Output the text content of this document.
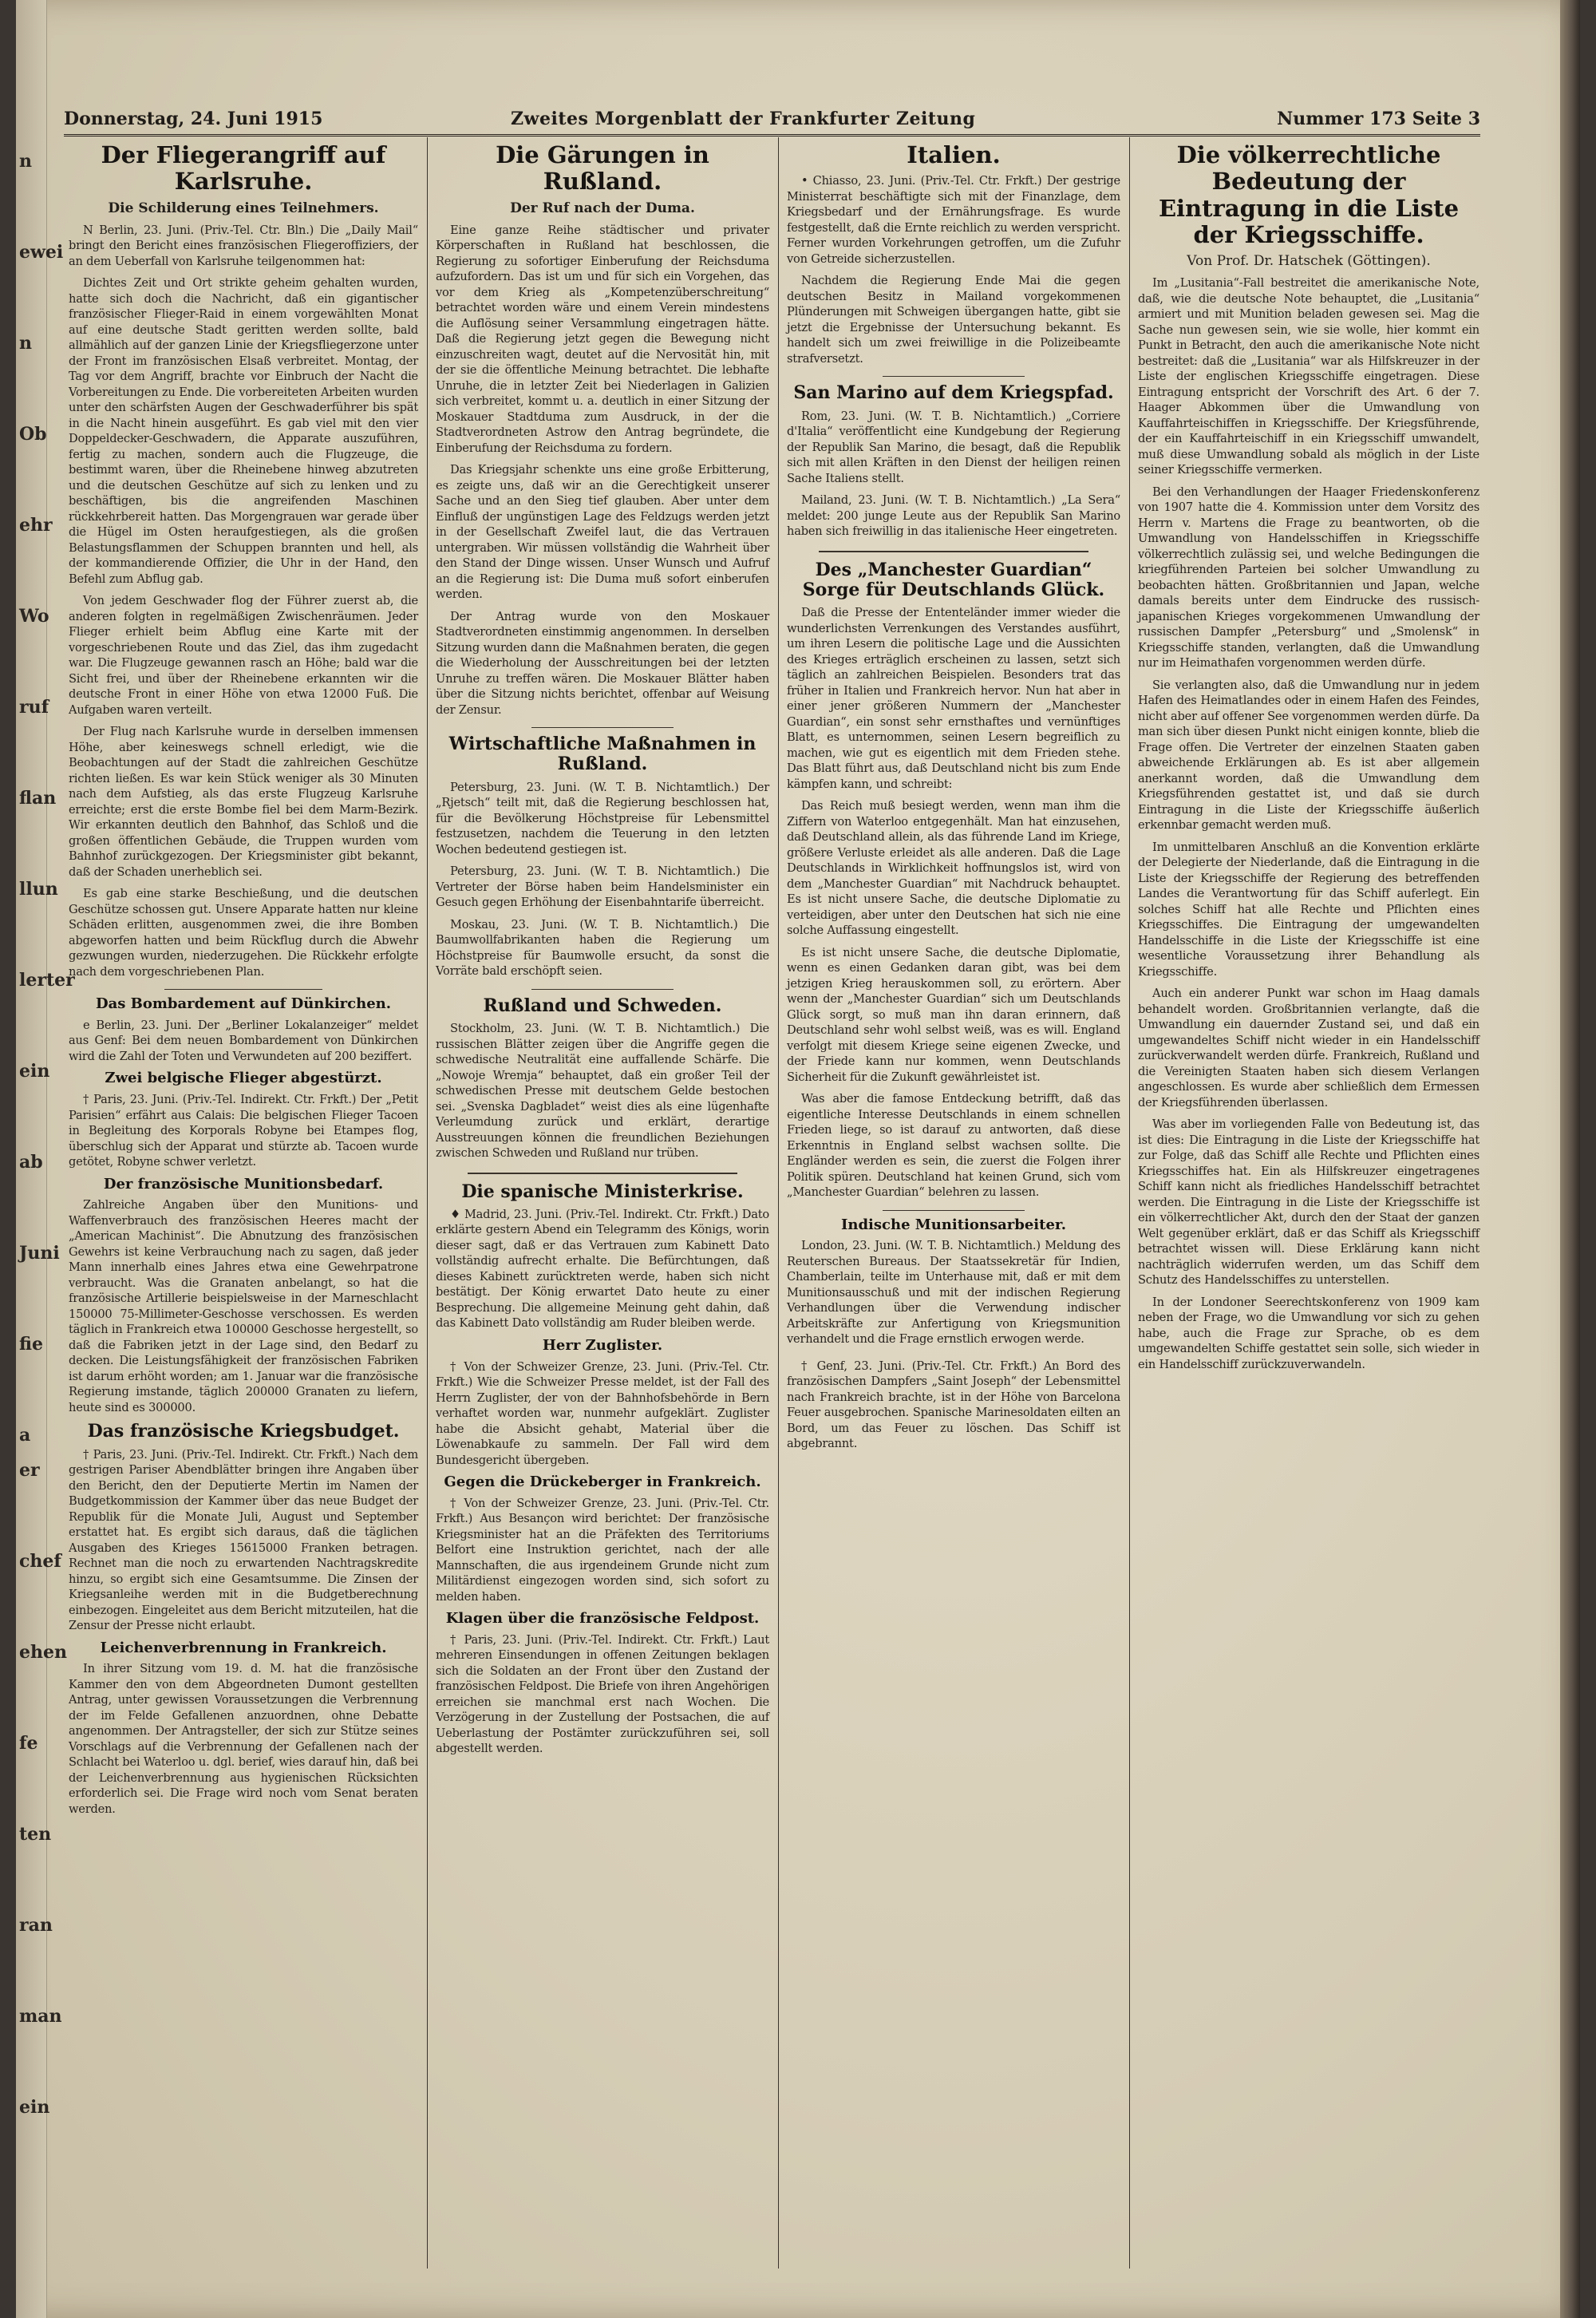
n
ewei
n
Ob
ehr
Wo
ruf
flan
llun
lerter
ein
ab
Juni
fie
a er
chef
ehen
fe
ten
ran
man
ein
Donnerstag, 24. Juni 1915	Zweites Morgenblatt der Frankfurter Zeitung	Nummer 173 Seite 3
Der Fliegerangriff auf Karlsruhe.
Die Schilderung eines Teilnehmers.

N Berlin, 23. Juni. (Priv.-Tel. Ctr. Bln.) Die „Daily Mail“ bringt den Bericht eines französischen Fliegeroffiziers, der an dem Ueberfall von Karlsruhe teilgenommen hat:

Dichtes Zeit und Ort strikte geheim gehalten wurden, hatte sich doch die Nachricht, daß ein gigantischer französischer Flieger-Raid in einem vorgewählten Monat auf eine deutsche Stadt geritten werden sollte, bald allmählich auf der ganzen Linie der Kriegsfliegerzone unter der Front im französischen Elsaß verbreitet. Montag, der Tag vor dem Angriff, brachte vor Einbruch der Nacht die Vorbereitungen zu Ende. Die vorbereiteten Arbeiten wurden unter den schärfsten Augen der Geschwaderführer bis spät in die Nacht hinein ausgeführt. Es gab viel mit den vier Doppeldecker-Geschwadern, die Apparate auszuführen, fertig zu machen, sondern auch die Flugzeuge, die bestimmt waren, über die Rheinebene hinweg abzutreten und die deutschen Geschütze auf sich zu lenken und zu beschäftigen, bis die angreifenden Maschinen rückkehrbereit hatten. Das Morgengrauen war gerade über die Hügel im Osten heraufgestiegen, als die großen Belastungsflammen der Schuppen brannten und hell, als der kommandierende Offizier, die Uhr in der Hand, den Befehl zum Abflug gab.

Von jedem Geschwader flog der Führer zuerst ab, die anderen folgten in regelmäßigen Zwischenräumen. Jeder Flieger erhielt beim Abflug eine Karte mit der vorgeschriebenen Route und das Ziel, das ihm zugedacht war. Die Flugzeuge gewannen rasch an Höhe; bald war die Sicht frei, und über der Rheinebene erkannten wir die deutsche Front in einer Höhe von etwa 12000 Fuß. Die Aufgaben waren verteilt.

Der Flug nach Karlsruhe wurde in derselben immensen Höhe, aber keineswegs schnell erledigt, wie die Beobachtungen auf der Stadt die zahlreichen Geschütze richten ließen. Es war kein Stück weniger als 30 Minuten nach dem Aufstieg, als das erste Flugzeug Karlsruhe erreichte; erst die erste Bombe fiel bei dem Marm-Bezirk. Wir erkannten deutlich den Bahnhof, das Schloß und die großen öffentlichen Gebäude, die Truppen wurden vom Bahnhof zurückgezogen. Der Kriegsminister gibt bekannt, daß der Schaden unerheblich sei.

Es gab eine starke Beschießung, und die deutschen Geschütze schossen gut. Unsere Apparate hatten nur kleine Schäden erlitten, ausgenommen zwei, die ihre Bomben abgeworfen hatten und beim Rückflug durch die Abwehr gezwungen wurden, niederzugehen. Die Rückkehr erfolgte nach dem vorgeschriebenen Plan.

Das Bombardement auf Dünkirchen.

e Berlin, 23. Juni. Der „Berliner Lokalanzeiger“ meldet aus Genf: Bei dem neuen Bombardement von Dünkirchen wird die Zahl der Toten und Verwundeten auf 200 beziffert.

Zwei belgische Flieger abgestürzt.

† Paris, 23. Juni. (Priv.-Tel. Indirekt. Ctr. Frkft.) Der „Petit Parisien“ erfährt aus Calais: Die belgischen Flieger Tacoen in Begleitung des Korporals Robyne bei Etampes flog, überschlug sich der Apparat und stürzte ab. Tacoen wurde getötet, Robyne schwer verletzt.

Der französische Munitionsbedarf.

Zahlreiche Angaben über den Munitions- und Waffenverbrauch des französischen Heeres macht der „American Machinist“. Die Abnutzung des französischen Gewehrs ist keine Verbrauchung nach zu sagen, daß jeder Mann innerhalb eines Jahres etwa eine Gewehrpatrone verbraucht. Was die Granaten anbelangt, so hat die französische Artillerie beispielsweise in der Marneschlacht 150000 75-Millimeter-Geschosse verschossen. Es werden täglich in Frankreich etwa 100000 Geschosse hergestellt, so daß die Fabriken jetzt in der Lage sind, den Bedarf zu decken. Die Leistungsfähigkeit der französischen Fabriken ist darum erhöht worden; am 1. Januar war die französische Regierung imstande, täglich 200000 Granaten zu liefern, heute sind es 300000.

Das französische Kriegsbudget.

† Paris, 23. Juni. (Priv.-Tel. Indirekt. Ctr. Frkft.) Nach dem gestrigen Pariser Abendblätter bringen ihre Angaben über den Bericht, den der Deputierte Mertin im Namen der Budgetkommission der Kammer über das neue Budget der Republik für die Monate Juli, August und September erstattet hat. Es ergibt sich daraus, daß die täglichen Ausgaben des Krieges 15615000 Franken betragen. Rechnet man die noch zu erwartenden Nachtragskredite hinzu, so ergibt sich eine Gesamtsumme. Die Zinsen der Kriegsanleihe werden mit in die Budgetberechnung einbezogen. Eingeleitet aus dem Bericht mitzuteilen, hat die Zensur der Presse nicht erlaubt.

Leichenverbrennung in Frankreich.

In ihrer Sitzung vom 19. d. M. hat die französische Kammer den von dem Abgeordneten Dumont gestellten Antrag, unter gewissen Voraussetzungen die Verbrennung der im Felde Gefallenen anzuordnen, ohne Debatte angenommen. Der Antragsteller, der sich zur Stütze seines Vorschlags auf die Verbrennung der Gefallenen nach der Schlacht bei Waterloo u. dgl. berief, wies darauf hin, daß bei der Leichenverbrennung aus hygienischen Rücksichten erforderlich sei. Die Frage wird noch vom Senat beraten werden.

Die Gärungen in Rußland.
Der Ruf nach der Duma.

Eine ganze Reihe städtischer und privater Körperschaften in Rußland hat beschlossen, die Regierung zu sofortiger Einberufung der Reichsduma aufzufordern. Das ist um und für sich ein Vorgehen, das vor dem Krieg als „Kompetenzüberschreitung“ betrachtet worden wäre und einem Verein mindestens die Auflösung seiner Versammlung eingetragen hätte. Daß die Regierung jetzt gegen die Bewegung nicht einzuschreiten wagt, deutet auf die Nervosität hin, mit der sie die öffentliche Meinung betrachtet. Die lebhafte Unruhe, die in letzter Zeit bei Niederlagen in Galizien sich verbreitet, kommt u. a. deutlich in einer Sitzung der Moskauer Stadtduma zum Ausdruck, in der die Stadtverordneten Astrow den Antrag begründete, die Einberufung der Reichsduma zu fordern.

Das Kriegsjahr schenkte uns eine große Erbitterung, es zeigte uns, daß wir an die Gerechtigkeit unserer Sache und an den Sieg tief glauben. Aber unter dem Einfluß der ungünstigen Lage des Feldzugs werden jetzt in der Gesellschaft Zweifel laut, die das Vertrauen untergraben. Wir müssen vollständig die Wahrheit über den Stand der Dinge wissen. Unser Wunsch und Aufruf an die Regierung ist: Die Duma muß sofort einberufen werden.

Der Antrag wurde von den Moskauer Stadtverordneten einstimmig angenommen. In derselben Sitzung wurden dann die Maßnahmen beraten, die gegen die Wiederholung der Ausschreitungen bei der letzten Unruhe zu treffen wären. Die Moskauer Blätter haben über die Sitzung nichts berichtet, offenbar auf Weisung der Zensur.

Wirtschaftliche Maßnahmen in Rußland.

Petersburg, 23. Juni. (W. T. B. Nichtamtlich.) Der „Rjetsch“ teilt mit, daß die Regierung beschlossen hat, für die Bevölkerung Höchstpreise für Lebensmittel festzusetzen, nachdem die Teuerung in den letzten Wochen bedeutend gestiegen ist.

Petersburg, 23. Juni. (W. T. B. Nichtamtlich.) Die Vertreter der Börse haben beim Handelsminister ein Gesuch gegen Erhöhung der Eisenbahntarife überreicht.

Moskau, 23. Juni. (W. T. B. Nichtamtlich.) Die Baumwollfabrikanten haben die Regierung um Höchstpreise für Baumwolle ersucht, da sonst die Vorräte bald erschöpft seien.

Rußland und Schweden.

Stockholm, 23. Juni. (W. T. B. Nichtamtlich.) Die russischen Blätter zeigen über die Angriffe gegen die schwedische Neutralität eine auffallende Schärfe. Die „Nowoje Wremja“ behauptet, daß ein großer Teil der schwedischen Presse mit deutschem Gelde bestochen sei. „Svenska Dagbladet“ weist dies als eine lügenhafte Verleumdung zurück und erklärt, derartige Ausstreuungen können die freundlichen Beziehungen zwischen Schweden und Rußland nur trüben.

Die spanische Ministerkrise.

♦ Madrid, 23. Juni. (Priv.-Tel. Indirekt. Ctr. Frkft.) Dato erklärte gestern Abend ein Telegramm des Königs, worin dieser sagt, daß er das Vertrauen zum Kabinett Dato vollständig aufrecht erhalte. Die Befürchtungen, daß dieses Kabinett zurücktreten werde, haben sich nicht bestätigt. Der König erwartet Dato heute zu einer Besprechung. Die allgemeine Meinung geht dahin, daß das Kabinett Dato vollständig am Ruder bleiben werde.

Herr Zuglister.

† Von der Schweizer Grenze, 23. Juni. (Priv.-Tel. Ctr. Frkft.) Wie die Schweizer Presse meldet, ist der Fall des Herrn Zuglister, der von der Bahnhofsbehörde in Bern verhaftet worden war, nunmehr aufgeklärt. Zuglister habe die Absicht gehabt, Material über die Löwenabkaufe zu sammeln. Der Fall wird dem Bundesgericht übergeben.

Gegen die Drückeberger in Frankreich.

† Von der Schweizer Grenze, 23. Juni. (Priv.-Tel. Ctr. Frkft.) Aus Besançon wird berichtet: Der französische Kriegsminister hat an die Präfekten des Territoriums Belfort eine Instruktion gerichtet, nach der alle Mannschaften, die aus irgendeinem Grunde nicht zum Militärdienst eingezogen worden sind, sich sofort zu melden haben.

Klagen über die französische Feldpost.

† Paris, 23. Juni. (Priv.-Tel. Indirekt. Ctr. Frkft.) Laut mehreren Einsendungen in offenen Zeitungen beklagen sich die Soldaten an der Front über den Zustand der französischen Feldpost. Die Briefe von ihren Angehörigen erreichen sie manchmal erst nach Wochen. Die Verzögerung in der Zustellung der Postsachen, die auf Ueberlastung der Postämter zurückzuführen sei, soll abgestellt werden.

Italien.

• Chiasso, 23. Juni. (Priv.-Tel. Ctr. Frkft.) Der gestrige Ministerrat beschäftigte sich mit der Finanzlage, dem Kriegsbedarf und der Ernährungsfrage. Es wurde festgestellt, daß die Ernte reichlich zu werden verspricht. Ferner wurden Vorkehrungen getroffen, um die Zufuhr von Getreide sicherzustellen.

Nachdem die Regierung Ende Mai die gegen deutschen Besitz in Mailand vorgekommenen Plünderungen mit Schweigen übergangen hatte, gibt sie jetzt die Ergebnisse der Untersuchung bekannt. Es handelt sich um zwei freiwillige in die Polizeibeamte strafversetzt.

San Marino auf dem Kriegspfad.

Rom, 23. Juni. (W. T. B. Nichtamtlich.) „Corriere d'Italia“ veröffentlicht eine Kundgebung der Regierung der Republik San Marino, die besagt, daß die Republik sich mit allen Kräften in den Dienst der heiligen reinen Sache Italiens stellt.

Mailand, 23. Juni. (W. T. B. Nichtamtlich.) „La Sera“ meldet: 200 junge Leute aus der Republik San Marino haben sich freiwillig in das italienische Heer eingetreten.

Des „Manchester Guardian“ Sorge für Deutschlands Glück.

Daß die Presse der Ententeländer immer wieder die wunderlichsten Verrenkungen des Verstandes ausführt, um ihren Lesern die politische Lage und die Aussichten des Krieges erträglich erscheinen zu lassen, setzt sich täglich an zahlreichen Beispielen. Besonders trat das früher in Italien und Frankreich hervor. Nun hat aber in einer jener größeren Nummern der „Manchester Guardian“, ein sonst sehr ernsthaftes und vernünftiges Blatt, es unternommen, seinen Lesern begreiflich zu machen, wie gut es eigentlich mit dem Frieden stehe. Das Blatt führt aus, daß Deutschland nicht bis zum Ende kämpfen kann, und schreibt:

Das Reich muß besiegt werden, wenn man ihm die Ziffern von Waterloo entgegenhält. Man hat einzusehen, daß Deutschland allein, als das führende Land im Kriege, größere Verluste erleidet als alle anderen. Daß die Lage Deutschlands in Wirklichkeit hoffnungslos ist, wird von dem „Manchester Guardian“ mit Nachdruck behauptet. Es ist nicht unsere Sache, die deutsche Diplomatie zu verteidigen, aber unter den Deutschen hat sich nie eine solche Auffassung eingestellt.

Es ist nicht unsere Sache, die deutsche Diplomatie, wenn es einen Gedanken daran gibt, was bei dem jetzigen Krieg herauskommen soll, zu erörtern. Aber wenn der „Manchester Guardian“ sich um Deutschlands Glück sorgt, so muß man ihn daran erinnern, daß Deutschland sehr wohl selbst weiß, was es will. England verfolgt mit diesem Kriege seine eigenen Zwecke, und der Friede kann nur kommen, wenn Deutschlands Sicherheit für die Zukunft gewährleistet ist.

Was aber die famose Entdeckung betrifft, daß das eigentliche Interesse Deutschlands in einem schnellen Frieden liege, so ist darauf zu antworten, daß diese Erkenntnis in England selbst wachsen sollte. Die Engländer werden es sein, die zuerst die Folgen ihrer Politik spüren. Deutschland hat keinen Grund, sich vom „Manchester Guardian“ belehren zu lassen.

Indische Munitionsarbeiter.

London, 23. Juni. (W. T. B. Nichtamtlich.) Meldung des Reuterschen Bureaus. Der Staatssekretär für Indien, Chamberlain, teilte im Unterhause mit, daß er mit dem Munitionsausschuß und mit der indischen Regierung Verhandlungen über die Verwendung indischer Arbeitskräfte zur Anfertigung von Kriegsmunition verhandelt und die Frage ernstlich erwogen werde.

† Genf, 23. Juni. (Priv.-Tel. Ctr. Frkft.) An Bord des französischen Dampfers „Saint Joseph“ der Lebensmittel nach Frankreich brachte, ist in der Höhe von Barcelona Feuer ausgebrochen. Spanische Marinesoldaten eilten an Bord, um das Feuer zu löschen. Das Schiff ist abgebrannt.

Die völkerrechtliche Bedeutung der Eintragung in die Liste der Kriegsschiffe.
Von Prof. Dr. Hatschek (Göttingen).

Im „Lusitania“-Fall bestreitet die amerikanische Note, daß, wie die deutsche Note behauptet, die „Lusitania“ armiert und mit Munition beladen gewesen sei. Mag die Sache nun gewesen sein, wie sie wolle, hier kommt ein Punkt in Betracht, den auch die amerikanische Note nicht bestreitet: daß die „Lusitania“ war als Hilfskreuzer in der Liste der englischen Kriegsschiffe eingetragen. Diese Eintragung entspricht der Vorschrift des Art. 6 der 7. Haager Abkommen über die Umwandlung von Kauffahrteischiffen in Kriegsschiffe. Der Kriegsführende, der ein Kauffahrteischiff in ein Kriegsschiff umwandelt, muß diese Umwandlung sobald als möglich in der Liste seiner Kriegsschiffe vermerken.

Bei den Verhandlungen der Haager Friedenskonferenz von 1907 hatte die 4. Kommission unter dem Vorsitz des Herrn v. Martens die Frage zu beantworten, ob die Umwandlung von Handelsschiffen in Kriegsschiffe völkerrechtlich zulässig sei, und welche Bedingungen die kriegführenden Parteien bei solcher Umwandlung zu beobachten hätten. Großbritannien und Japan, welche damals bereits unter dem Eindrucke des russisch-japanischen Krieges vorgekommenen Umwandlung der russischen Dampfer „Petersburg“ und „Smolensk“ in Kriegsschiffe standen, verlangten, daß die Umwandlung nur im Heimathafen vorgenommen werden dürfe.

Sie verlangten also, daß die Umwandlung nur in jedem Hafen des Heimatlandes oder in einem Hafen des Feindes, nicht aber auf offener See vorgenommen werden dürfe. Da man sich über diesen Punkt nicht einigen konnte, blieb die Frage offen. Die Vertreter der einzelnen Staaten gaben abweichende Erklärungen ab. Es ist aber allgemein anerkannt worden, daß die Umwandlung dem Kriegsführenden gestattet ist, und daß sie durch Eintragung in die Liste der Kriegsschiffe äußerlich erkennbar gemacht werden muß.

Im unmittelbaren Anschluß an die Konvention erklärte der Delegierte der Niederlande, daß die Eintragung in die Liste der Kriegsschiffe der Regierung des betreffenden Landes die Verantwortung für das Schiff auferlegt. Ein solches Schiff hat alle Rechte und Pflichten eines Kriegsschiffes. Die Eintragung der umgewandelten Handelsschiffe in die Liste der Kriegsschiffe ist eine wesentliche Voraussetzung ihrer Behandlung als Kriegsschiffe.

Auch ein anderer Punkt war schon im Haag damals behandelt worden. Großbritannien verlangte, daß die Umwandlung ein dauernder Zustand sei, und daß ein umgewandeltes Schiff nicht wieder in ein Handelsschiff zurückverwandelt werden dürfe. Frankreich, Rußland und die Vereinigten Staaten haben sich diesem Verlangen angeschlossen. Es wurde aber schließlich dem Ermessen der Kriegsführenden überlassen.

Was aber im vorliegenden Falle von Bedeutung ist, das ist dies: Die Eintragung in die Liste der Kriegsschiffe hat zur Folge, daß das Schiff alle Rechte und Pflichten eines Kriegsschiffes hat. Ein als Hilfskreuzer eingetragenes Schiff kann nicht als friedliches Handelsschiff betrachtet werden. Die Eintragung in die Liste der Kriegsschiffe ist ein völkerrechtlicher Akt, durch den der Staat der ganzen Welt gegenüber erklärt, daß er das Schiff als Kriegsschiff betrachtet wissen will. Diese Erklärung kann nicht nachträglich widerrufen werden, um das Schiff dem Schutz des Handelsschiffes zu unterstellen.

In der Londoner Seerechtskonferenz von 1909 kam neben der Frage, wo die Umwandlung vor sich zu gehen habe, auch die Frage zur Sprache, ob es dem umgewandelten Schiffe gestattet sein solle, sich wieder in ein Handelsschiff zurückzuverwandeln.
